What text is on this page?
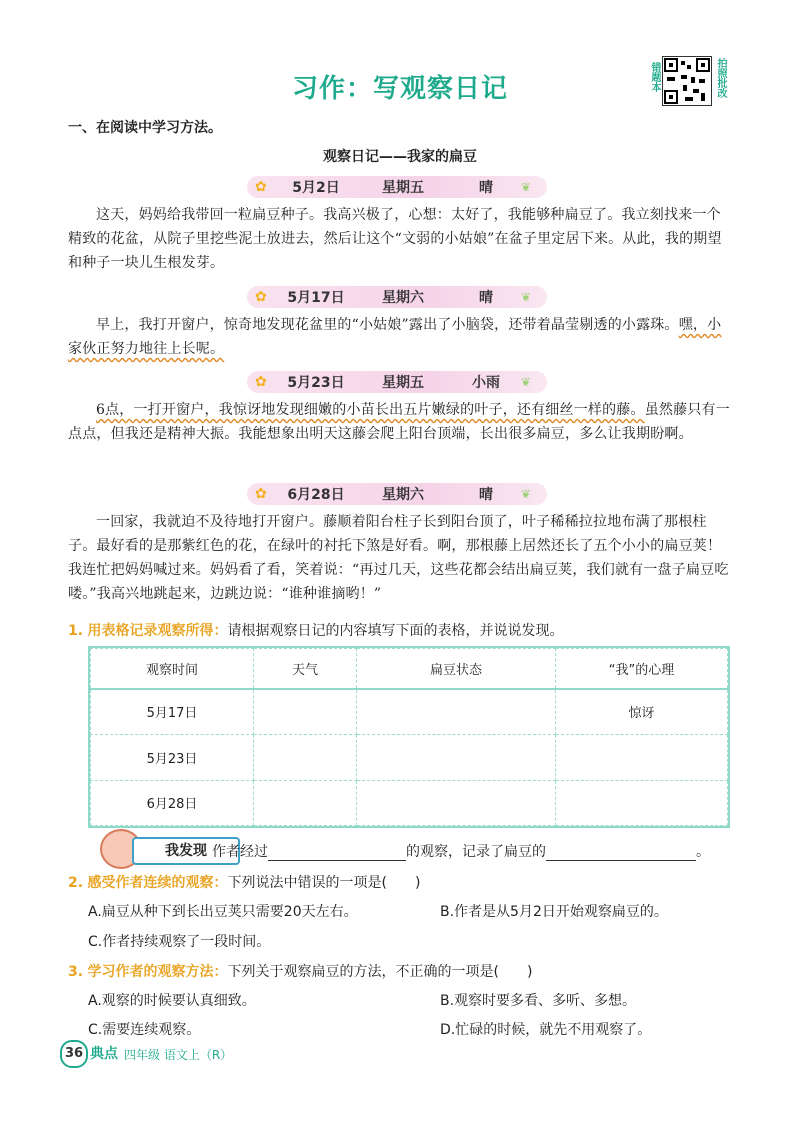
习作：写观察日记	错题本	拍照批改
一、在阅读中学习方法。
观察日记——我家的扁豆
✿	5月2日	星期五	晴	❦
这天，妈妈给我带回一粒扁豆种子。我高兴极了，心想：太好了，我能够种扁豆了。我立刻找来一个精致的花盆，从院子里挖些泥土放进去，然后让这个“文弱的小姑娘”在盆子里定居下来。从此，我的期望和种子一块儿生根发芽。
✿	5月17日	星期六	晴	❦
早上，我打开窗户，惊奇地发现花盆里的“小姑娘”露出了小脑袋，还带着晶莹剔透的小露珠。嘿，小家伙正努力地往上长呢。
✿	5月23日	星期五	小雨	❦
6点，一打开窗户，我惊讶地发现细嫩的小苗长出五片嫩绿的叶子，还有细丝一样的藤。虽然藤只有一点点，但我还是精神大振。我能想象出明天这藤会爬上阳台顶端，长出很多扁豆，多么让我期盼啊。
✿	6月28日	星期六	晴	❦
一回家，我就迫不及待地打开窗户。藤顺着阳台柱子长到阳台顶了，叶子稀稀拉拉地布满了那根柱子。最好看的是那紫红色的花，在绿叶的衬托下煞是好看。啊，那根藤上居然还长了五个小小的扁豆荚！我连忙把妈妈喊过来。妈妈看了看，笑着说：“再过几天，这些花都会结出扁豆荚，我们就有一盘子扁豆吃喽。”我高兴地跳起来，边跳边说：“谁种谁摘哟！”
1. 用表格记录观察所得：请根据观察日记的内容填写下面的表格，并说说发现。
观察时间	天气	扁豆状态	“我”的心理
5月17日			惊讶
5月23日			
6月28日			
我发现 作者经过	的观察，记录了扁豆的	。
2. 感受作者连续的观察：下列说法中错误的一项是(　　)
A.扁豆从种下到长出豆荚只需要20天左右。	B.作者是从5月2日开始观察扁豆的。
C.作者持续观察了一段时间。
3. 学习作者的观察方法：下列关于观察扁豆的方法，不正确的一项是(　　)
A.观察的时候要认真细致。	B.观察时要多看、多听、多想。
C.需要连续观察。	D.忙碌的时候，就先不用观察了。
36 典点 四年级 语文上（R）
